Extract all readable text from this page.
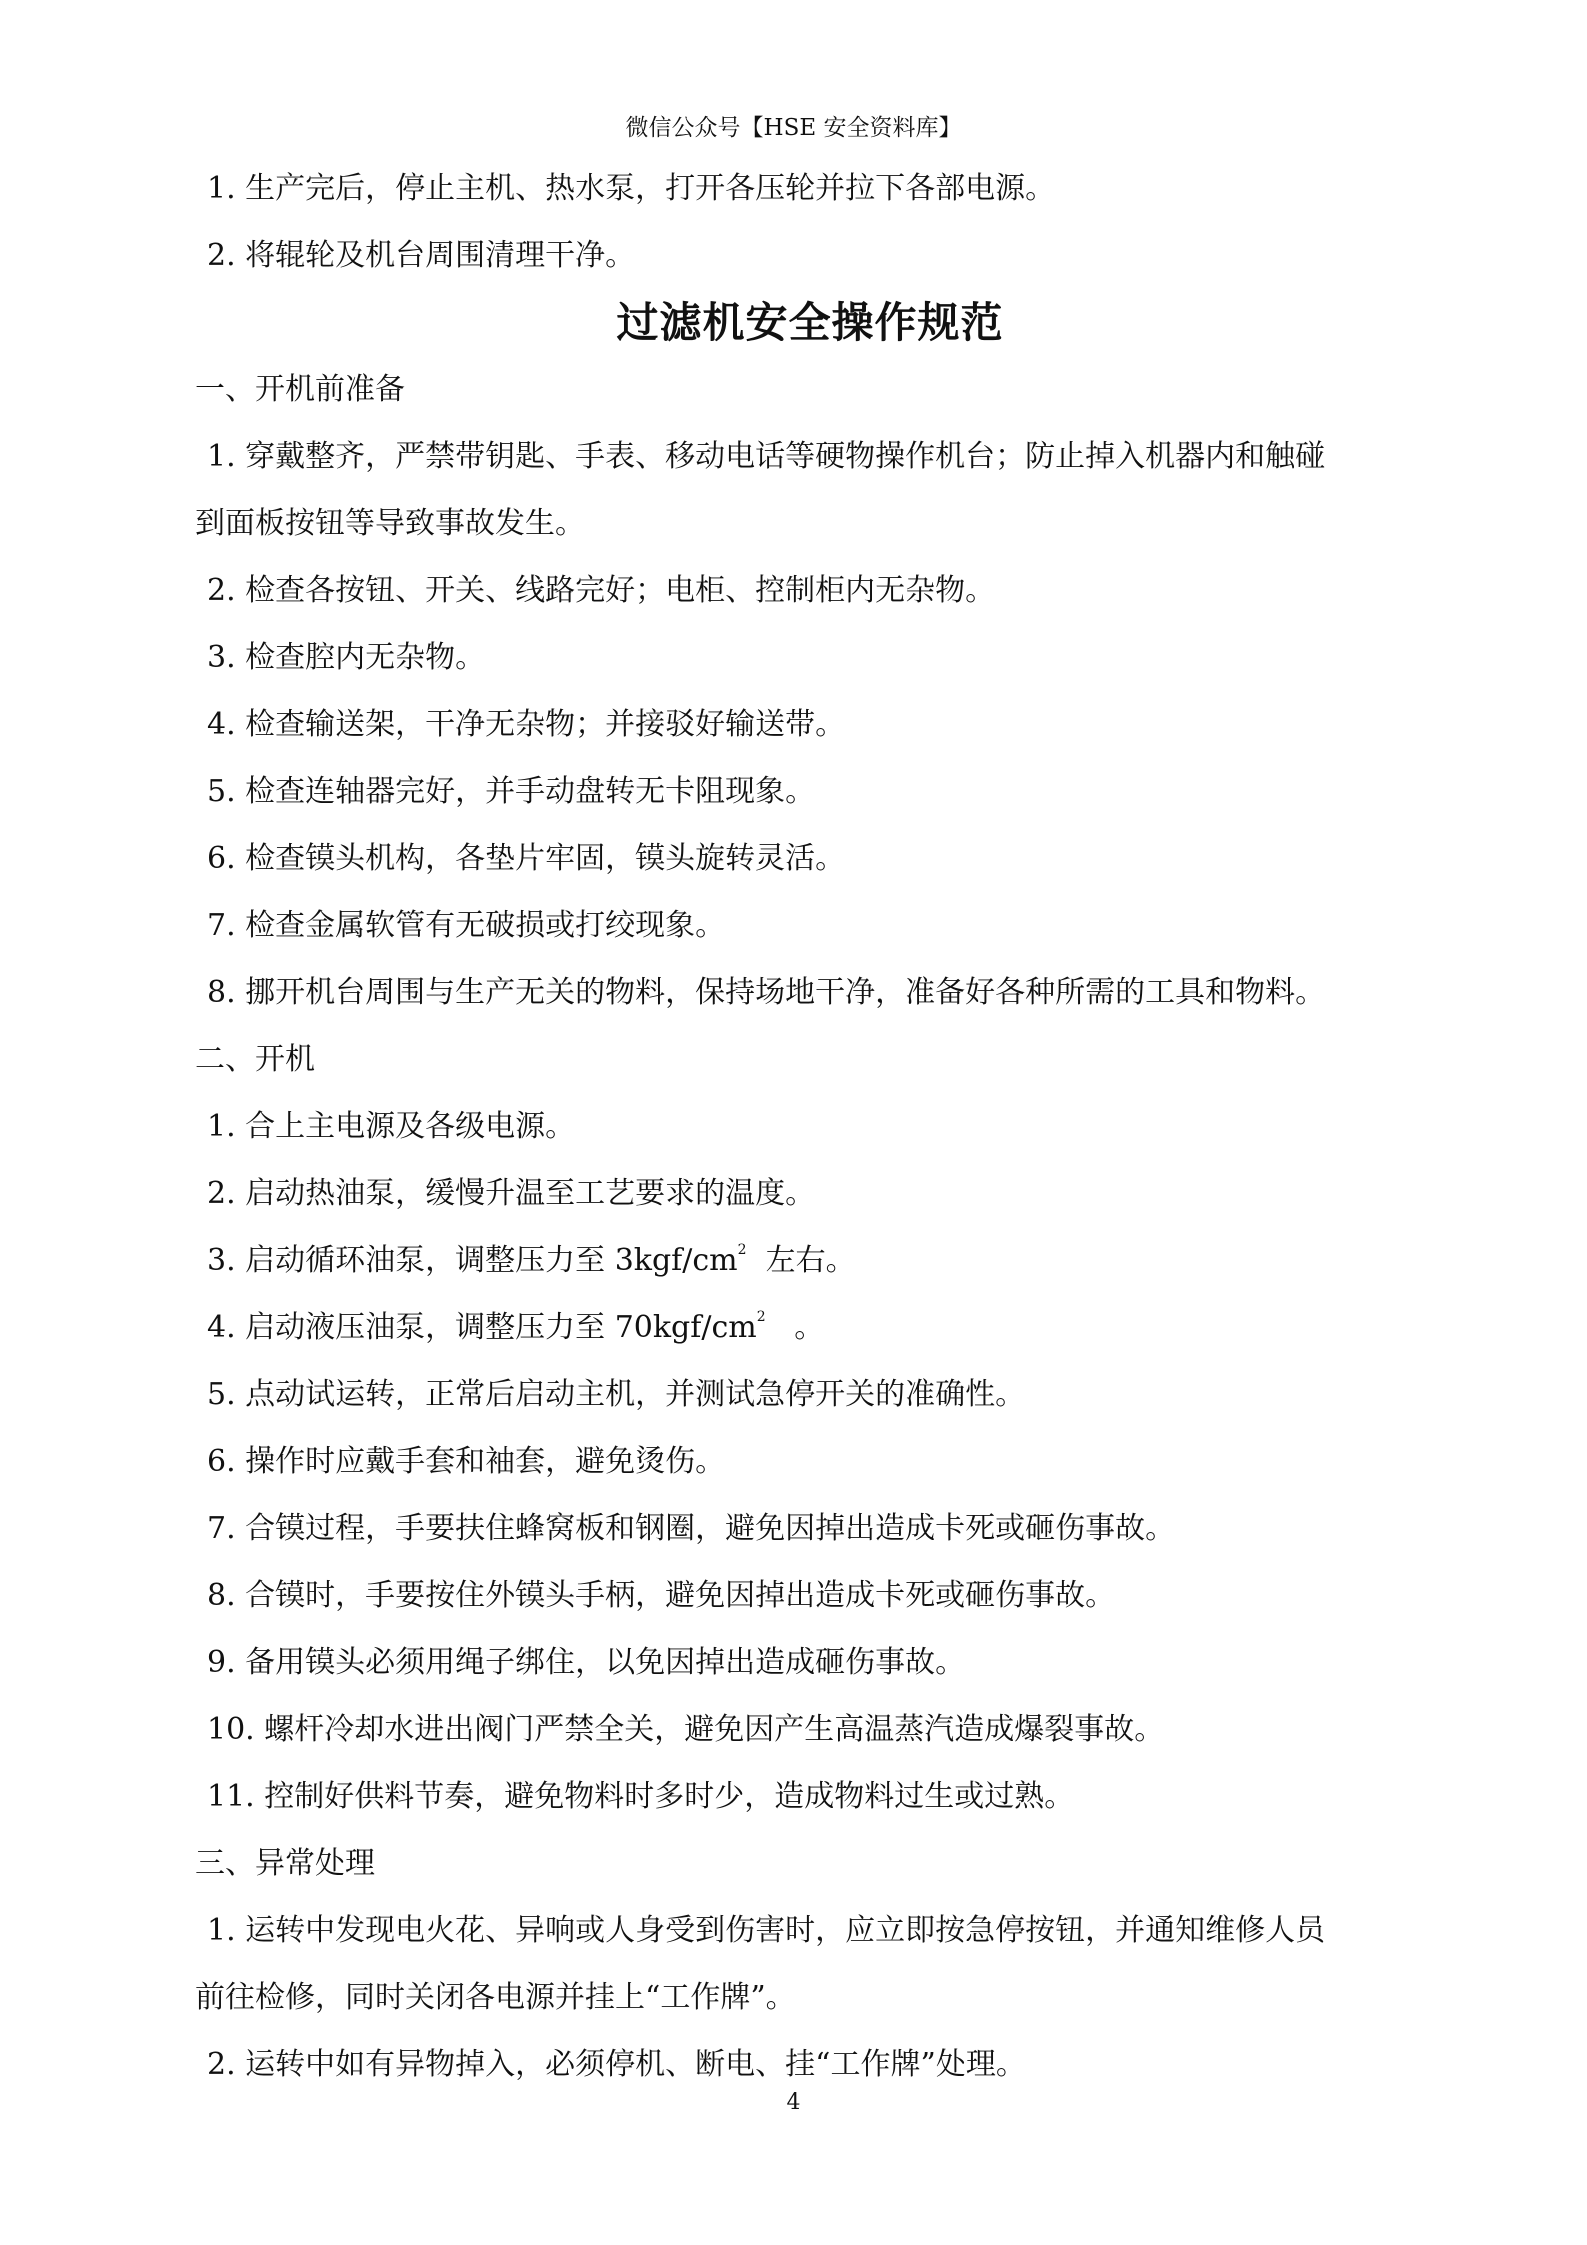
微信公众号【HSE 安全资料库】
1. 生产完后，停止主机、热水泵，打开各压轮并拉下各部电源。
2. 将辊轮及机台周围清理干净。
过滤机安全操作规范
一、开机前准备
1. 穿戴整齐，严禁带钥匙、手表、移动电话等硬物操作机台；防止掉入机器内和触碰
到面板按钮等导致事故发生。
2. 检查各按钮、开关、线路完好；电柜、控制柜内无杂物。
3. 检查腔内无杂物。
4. 检查输送架，干净无杂物；并接驳好输送带。
5. 检查连轴器完好，并手动盘转无卡阻现象。
6. 检查镆头机构，各垫片牢固，镆头旋转灵活。
7. 检查金属软管有无破损或打绞现象。
8. 挪开机台周围与生产无关的物料，保持场地干净，准备好各种所需的工具和物料。
二、开机
1. 合上主电源及各级电源。
2. 启动热油泵，缓慢升温至工艺要求的温度。
3. 启动循环油泵，调整压力至 $3kgf/cm^2$  左右。
4. 启动液压油泵，调整压力至 $70kgf/cm^2$   。
5. 点动试运转，正常后启动主机，并测试急停开关的准确性。
6. 操作时应戴手套和袖套，避免烫伤。
7. 合镆过程，手要扶住蜂窝板和钢圈，避免因掉出造成卡死或砸伤事故。
8. 合镆时，手要按住外镆头手柄，避免因掉出造成卡死或砸伤事故。
9. 备用镆头必须用绳子绑住，以免因掉出造成砸伤事故。
10. 螺杆冷却水进出阀门严禁全关，避免因产生高温蒸汽造成爆裂事故。
11. 控制好供料节奏，避免物料时多时少，造成物料过生或过熟。
三、异常处理
1. 运转中发现电火花、异响或人身受到伤害时，应立即按急停按钮，并通知维修人员
前往检修，同时关闭各电源并挂上“工作牌”。
2. 运转中如有异物掉入，必须停机、断电、挂“工作牌”处理。
4
